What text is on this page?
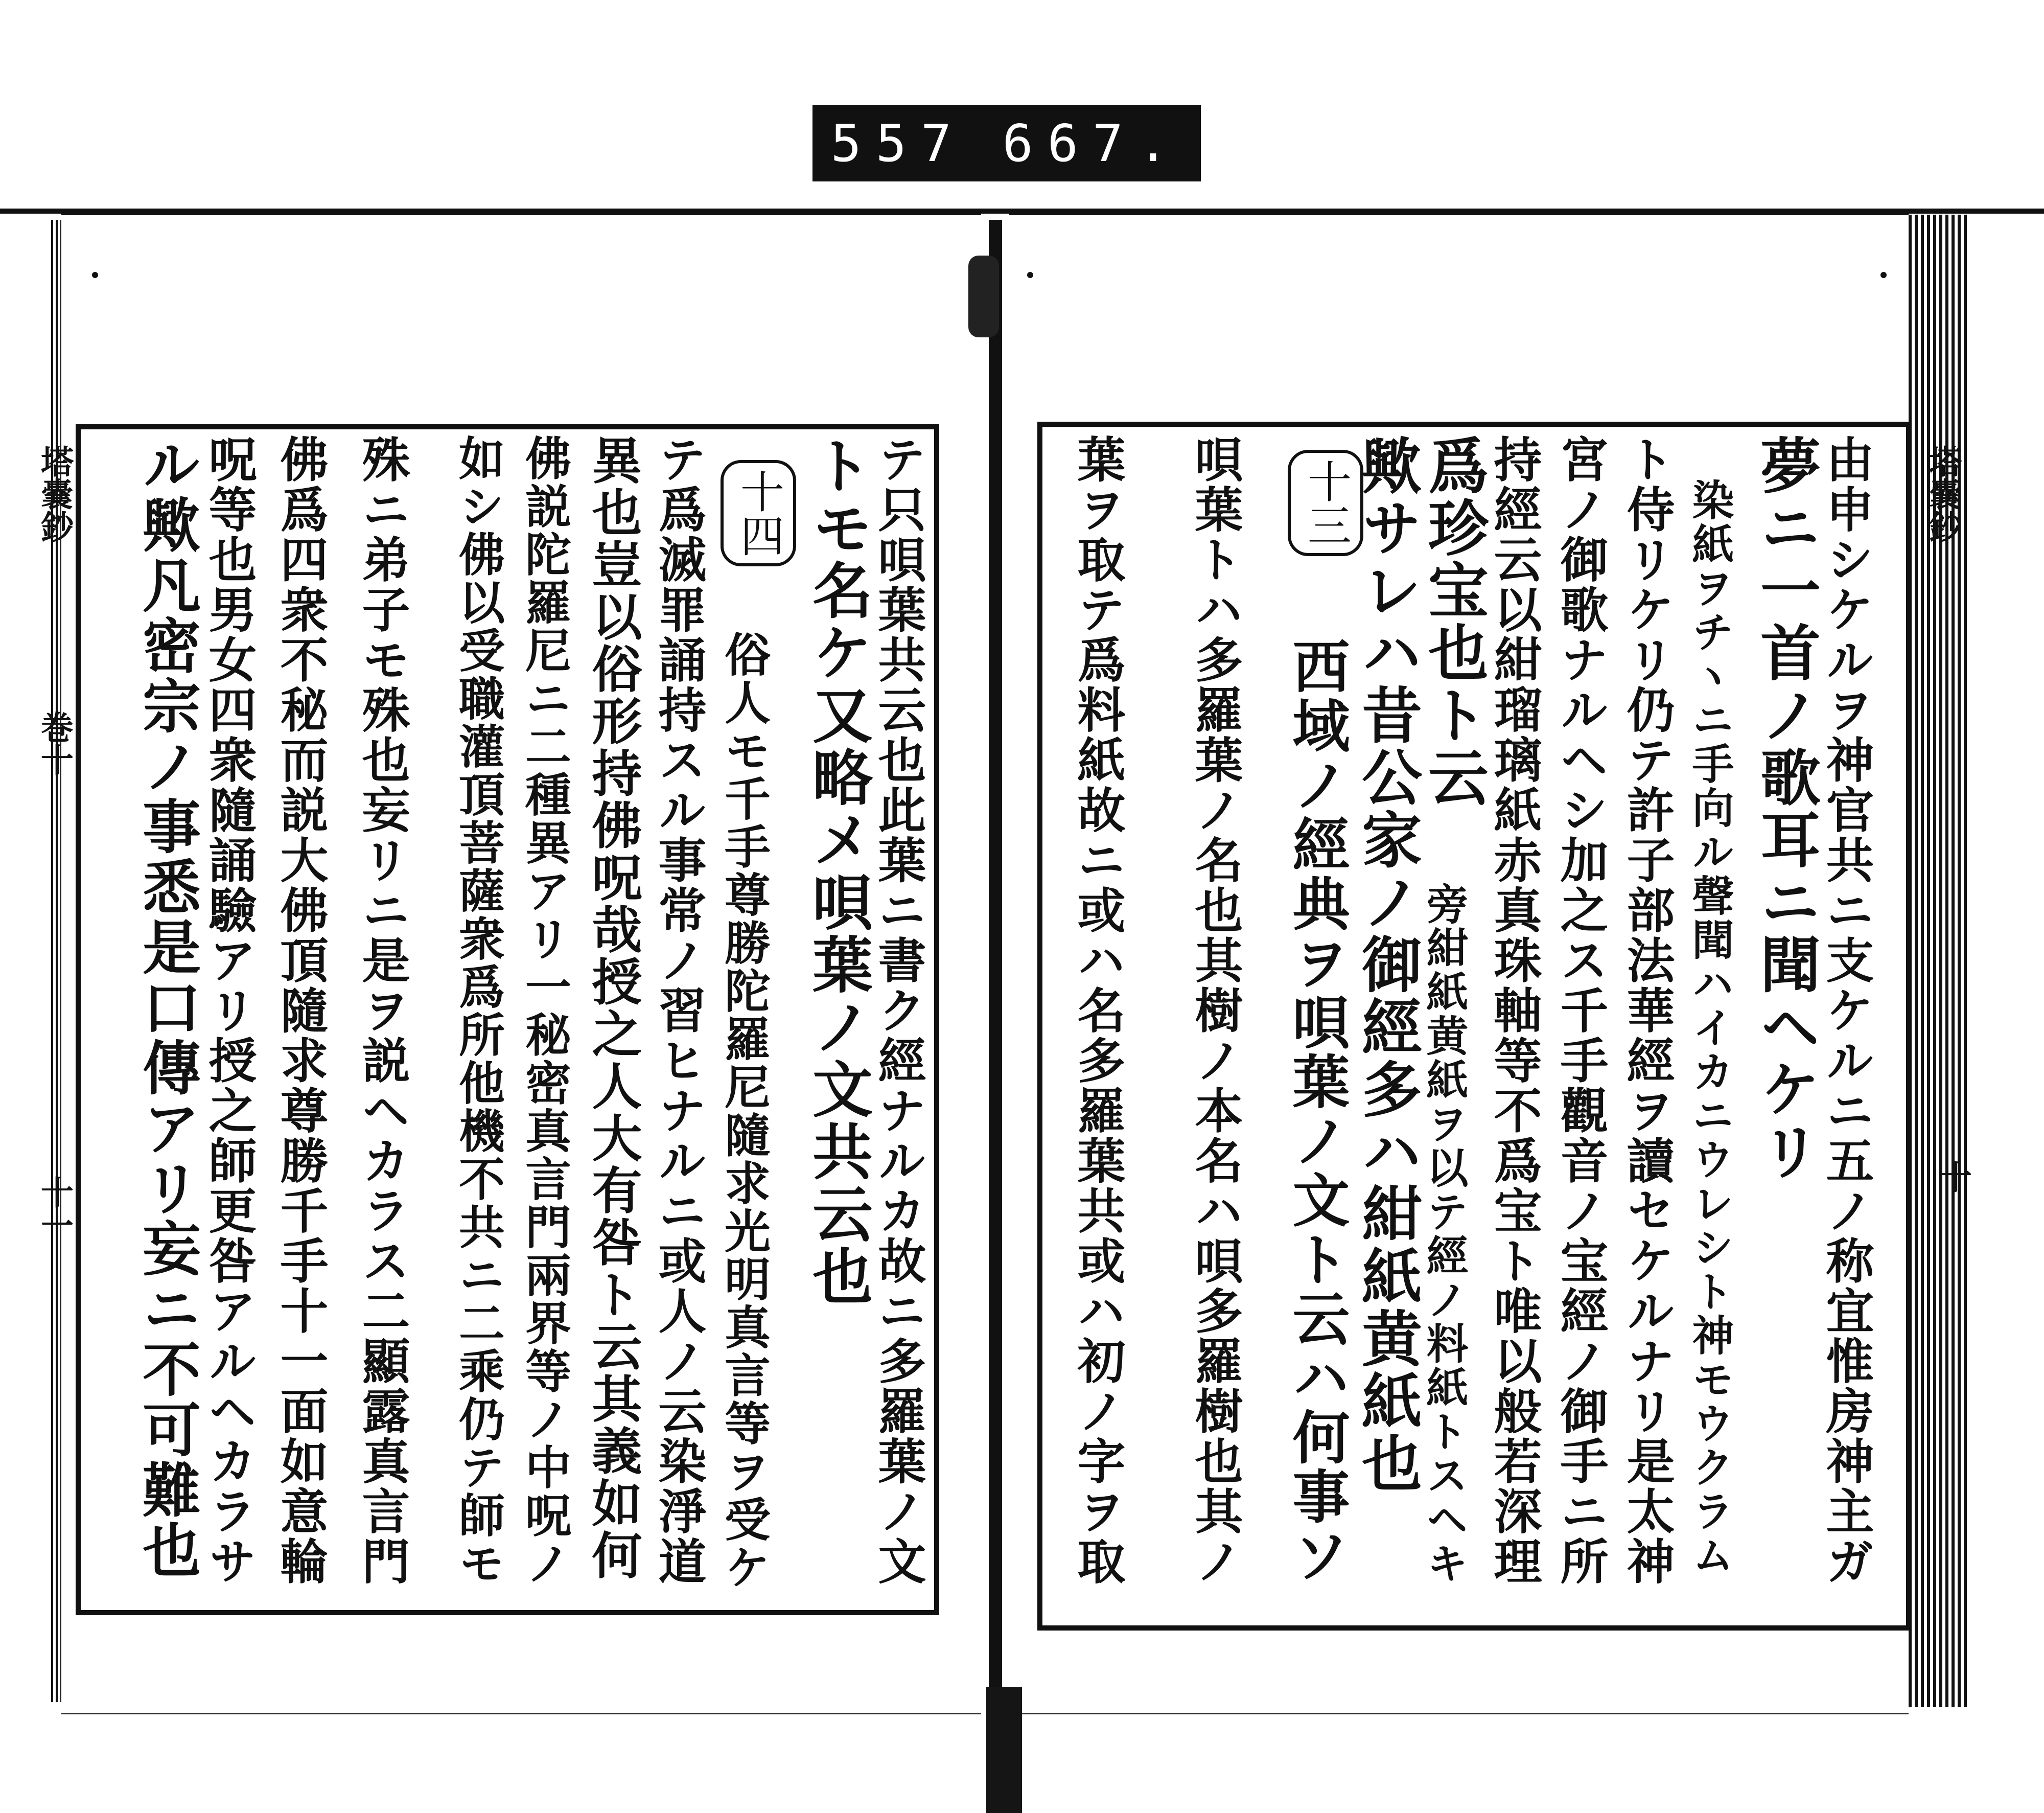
557 667.
塔嚢鈔
十
塔嚢鈔
巻十
十一	由申シケルヲ神官共ニ支ケルニ五ノ称宜惟房神主ガ
夢ニ一首ノ歌耳ニ聞ヘケリ
　染紙ヲチヽニ手向ル聲聞ハイカニウレシト神モウクラム
ト侍リケリ仍テ許子部法華經ヲ讀セケルナリ是太神
宮ノ御歌ナルヘシ加之ス千手觀音ノ宝經ノ御手ニ所
持經云以紺瑠璃紙赤真珠軸等不爲宝ト唯以般若深理
爲珍宝也ト云
　旁紺紙黄紙ヲ以テ經ノ料紙トスヘキ
歟サレハ昔公家ノ御經多ハ紺紙黄紙也
十三
　西域ノ經典ヲ唄葉ノ文ト云ハ何事ソ
唄葉トハ多羅葉ノ名也其樹ノ本名ハ唄多羅樹也其ノ
葉ヲ取テ爲料紙故ニ或ハ名多羅葉共或ハ初ノ字ヲ取
テ只唄葉共云也此葉ニ書ク經ナルカ故ニ多羅葉ノ文
トモ名ケ又略メ唄葉ノ文共云也
十四
　俗人モ千手尊勝陀羅尼隨求光明真言等ヲ受ケ
テ爲滅罪誦持スル事常ノ習ヒナルニ或人ノ云染淨道
異也豈以俗形持佛呪哉授之人大有咎ト云其義如何
佛説陀羅尼ニ二種異アリ一秘密真言門兩界等ノ中呪ノ
如シ佛以受職灌頂菩薩衆爲所他機不共ニ二乘仍テ師モ
殊ニ弟子モ殊也妄リニ是ヲ説ヘカラス二顯露真言門
佛爲四衆不秘而説大佛頂隨求尊勝千手十一面如意輪
呪等也男女四衆隨誦驗アリ授之師更咎アルヘカラサ
ル歟凡密宗ノ事悉是口傳アリ妄ニ不可難也
